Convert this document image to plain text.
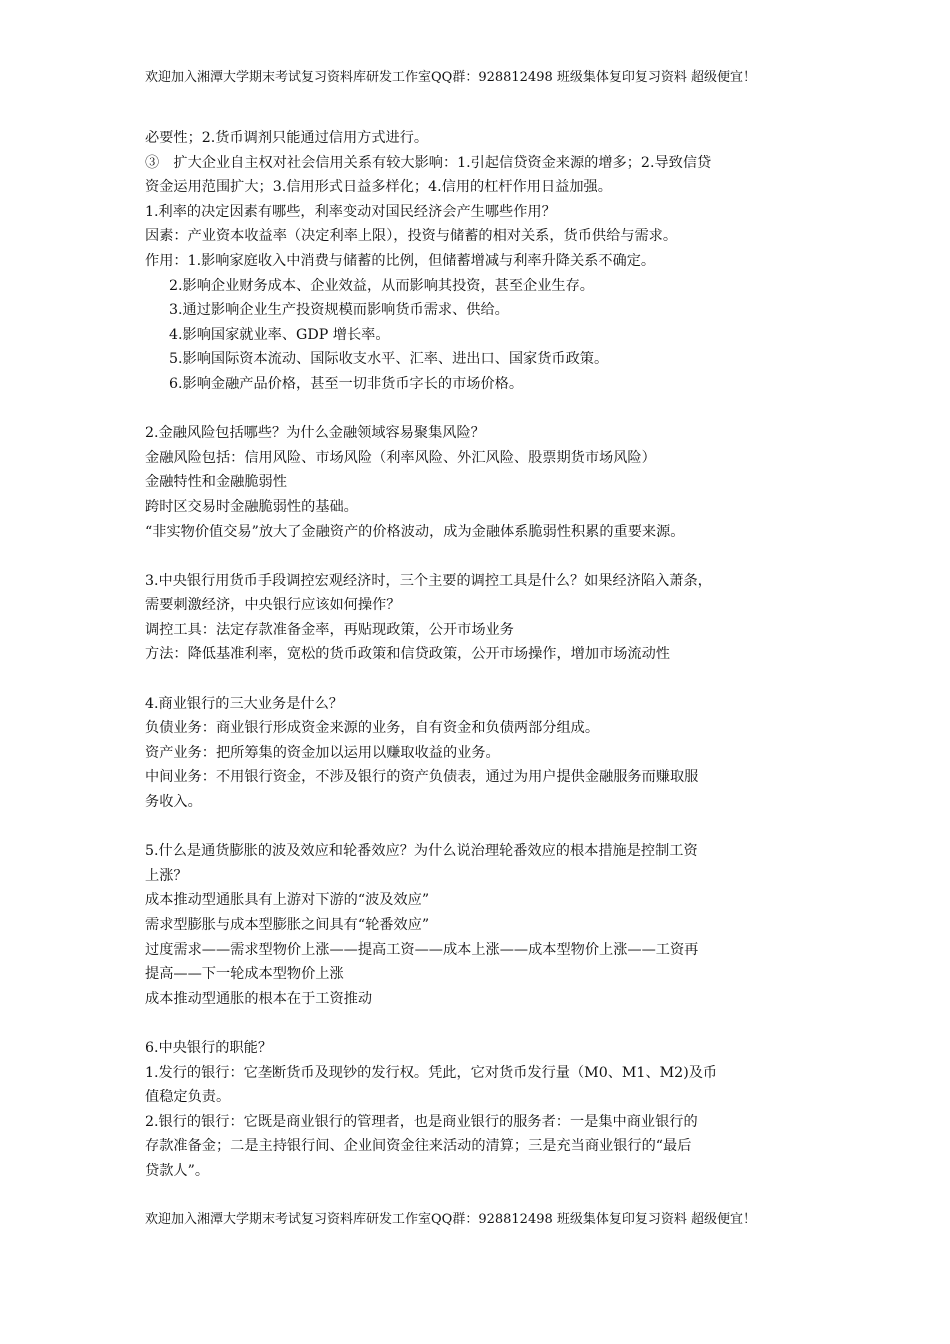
欢迎加入湘潭大学期末考试复习资料库研发工作室QQ群：928812498 班级集体复印复习资料 超级便宜！

必要性；2.货币调剂只能通过信用方式进行。

③　扩大企业自主权对社会信用关系有较大影响：1.引起信贷资金来源的增多；2.导致信贷

资金运用范围扩大；3.信用形式日益多样化；4.信用的杠杆作用日益加强。

1.利率的决定因素有哪些，利率变动对国民经济会产生哪些作用？

因素：产业资本收益率（决定利率上限），投资与储蓄的相对关系，货币供给与需求。

作用：1.影响家庭收入中消费与储蓄的比例，但储蓄增减与利率升降关系不确定。

2.影响企业财务成本、企业效益，从而影响其投资，甚至企业生存。

3.通过影响企业生产投资规模而影响货币需求、供给。

4.影响国家就业率、GDP 增长率。

5.影响国际资本流动、国际收支水平、汇率、进出口、国家货币政策。

6.影响金融产品价格，甚至一切非货币字长的市场价格。

2.金融风险包括哪些？为什么金融领域容易聚集风险？

金融风险包括：信用风险、市场风险（利率风险、外汇风险、股票期货市场风险）

金融特性和金融脆弱性

跨时区交易时金融脆弱性的基础。

“非实物价值交易”放大了金融资产的价格波动，成为金融体系脆弱性积累的重要来源。

3.中央银行用货币手段调控宏观经济时，三个主要的调控工具是什么？如果经济陷入萧条，

需要刺激经济，中央银行应该如何操作？

调控工具：法定存款准备金率，再贴现政策，公开市场业务

方法：降低基准利率，宽松的货币政策和信贷政策，公开市场操作，增加市场流动性

4.商业银行的三大业务是什么？

负债业务：商业银行形成资金来源的业务，自有资金和负债两部分组成。

资产业务：把所筹集的资金加以运用以赚取收益的业务。

中间业务：不用银行资金，不涉及银行的资产负债表，通过为用户提供金融服务而赚取服

务收入。

5.什么是通货膨胀的波及效应和轮番效应？为什么说治理轮番效应的根本措施是控制工资

上涨？

成本推动型通胀具有上游对下游的“波及效应”

需求型膨胀与成本型膨胀之间具有“轮番效应”

过度需求——需求型物价上涨——提高工资——成本上涨——成本型物价上涨——工资再

提高——下一轮成本型物价上涨

成本推动型通胀的根本在于工资推动

6.中央银行的职能？

1.发行的银行：它垄断货币及现钞的发行权。凭此，它对货币发行量（M0、M1、M2)及币

值稳定负责。

2.银行的银行：它既是商业银行的管理者，也是商业银行的服务者：一是集中商业银行的

存款准备金；二是主持银行间、企业间资金往来活动的清算；三是充当商业银行的“最后

贷款人”。

欢迎加入湘潭大学期末考试复习资料库研发工作室QQ群：928812498 班级集体复印复习资料 超级便宜！
